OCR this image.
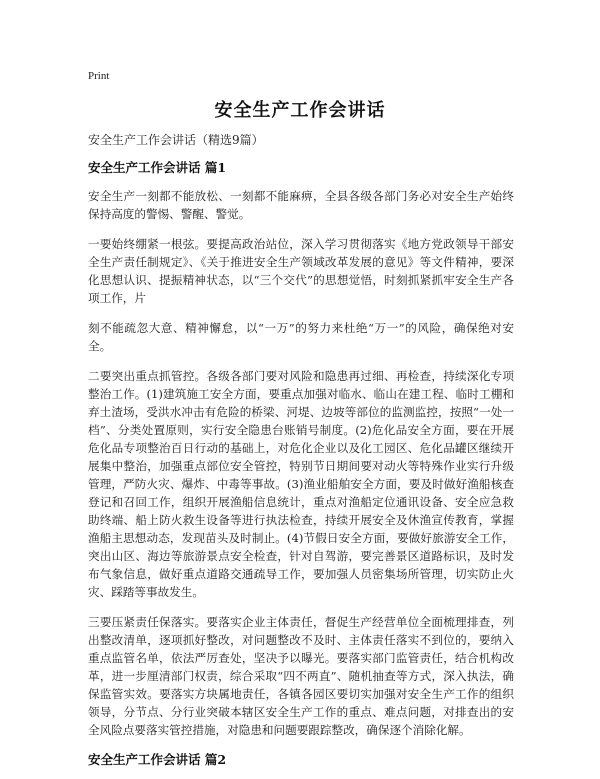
Print
安全生产工作会讲话

安全生产工作会讲话（精选9篇）

安全生产工作会讲话 篇1

安全生产一刻都不能放松、一刻都不能麻痹，全县各级各部门务必对安全生产始终保持高度的警惕、警醒、警觉。

一要始终绷紧一根弦。要提高政治站位，深入学习贯彻落实《地方党政领导干部安全生产责任制规定》、《关于推进安全生产领域改革发展的意见》等文件精神，要深化思想认识、提振精神状态，以“三个交代”的思想觉悟，时刻抓紧抓牢安全生产各项工作，片

刻不能疏忽大意、精神懈怠，以“一万”的努力来杜绝“万一”的风险，确保绝对安全。

二要突出重点抓管控。各级各部门要对风险和隐患再过细、再检查，持续深化专项整治工作。(1)建筑施工安全方面，要重点加强对临水、临山在建工程、临时工棚和弃土渣场，受洪水冲击有危险的桥梁、河堤、边坡等部位的监测监控，按照“一处一档”、分类处置原则，实行安全隐患台账销号制度。(2)危化品安全方面，要在开展危化品专项整治百日行动的基础上，对危化企业以及化工园区、危化品罐区继续开展集中整治，加强重点部位安全管控，特别节日期间要对动火等特殊作业实行升级管理，严防火灾、爆炸、中毒等事故。(3)渔业船舶安全方面，要及时做好渔船核查登记和召回工作，组织开展渔船信息统计，重点对渔船定位通讯设备、安全应急救助终端、船上防火救生设备等进行执法检查，持续开展安全及休渔宣传教育，掌握渔船主思想动态，发现苗头及时制止。(4)节假日安全方面，要做好旅游安全工作，突出山区、海边等旅游景点安全检查，针对自驾游，要完善景区道路标识，及时发布气象信息，做好重点道路交通疏导工作，要加强人员密集场所管理，切实防止火灾、踩踏等事故发生。

三要压紧责任保落实。要落实企业主体责任，督促生产经营单位全面梳理排查，列出整改清单，逐项抓好整改，对问题整改不及时、主体责任落实不到位的，要纳入重点监管名单，依法严厉查处，坚决予以曝光。要落实部门监管责任，结合机构改革，进一步厘清部门权责，综合采取“四不两直”、随机抽查等方式，深入执法，确保监管实效。要落实方块属地责任，各镇各园区要切实加强对安全生产工作的组织领导，分节点、分行业突破本辖区安全生产工作的重点、难点问题，对排查出的安全风险点要落实管控措施，对隐患和问题要跟踪整改，确保逐个消除化解。

安全生产工作会讲话 篇2
